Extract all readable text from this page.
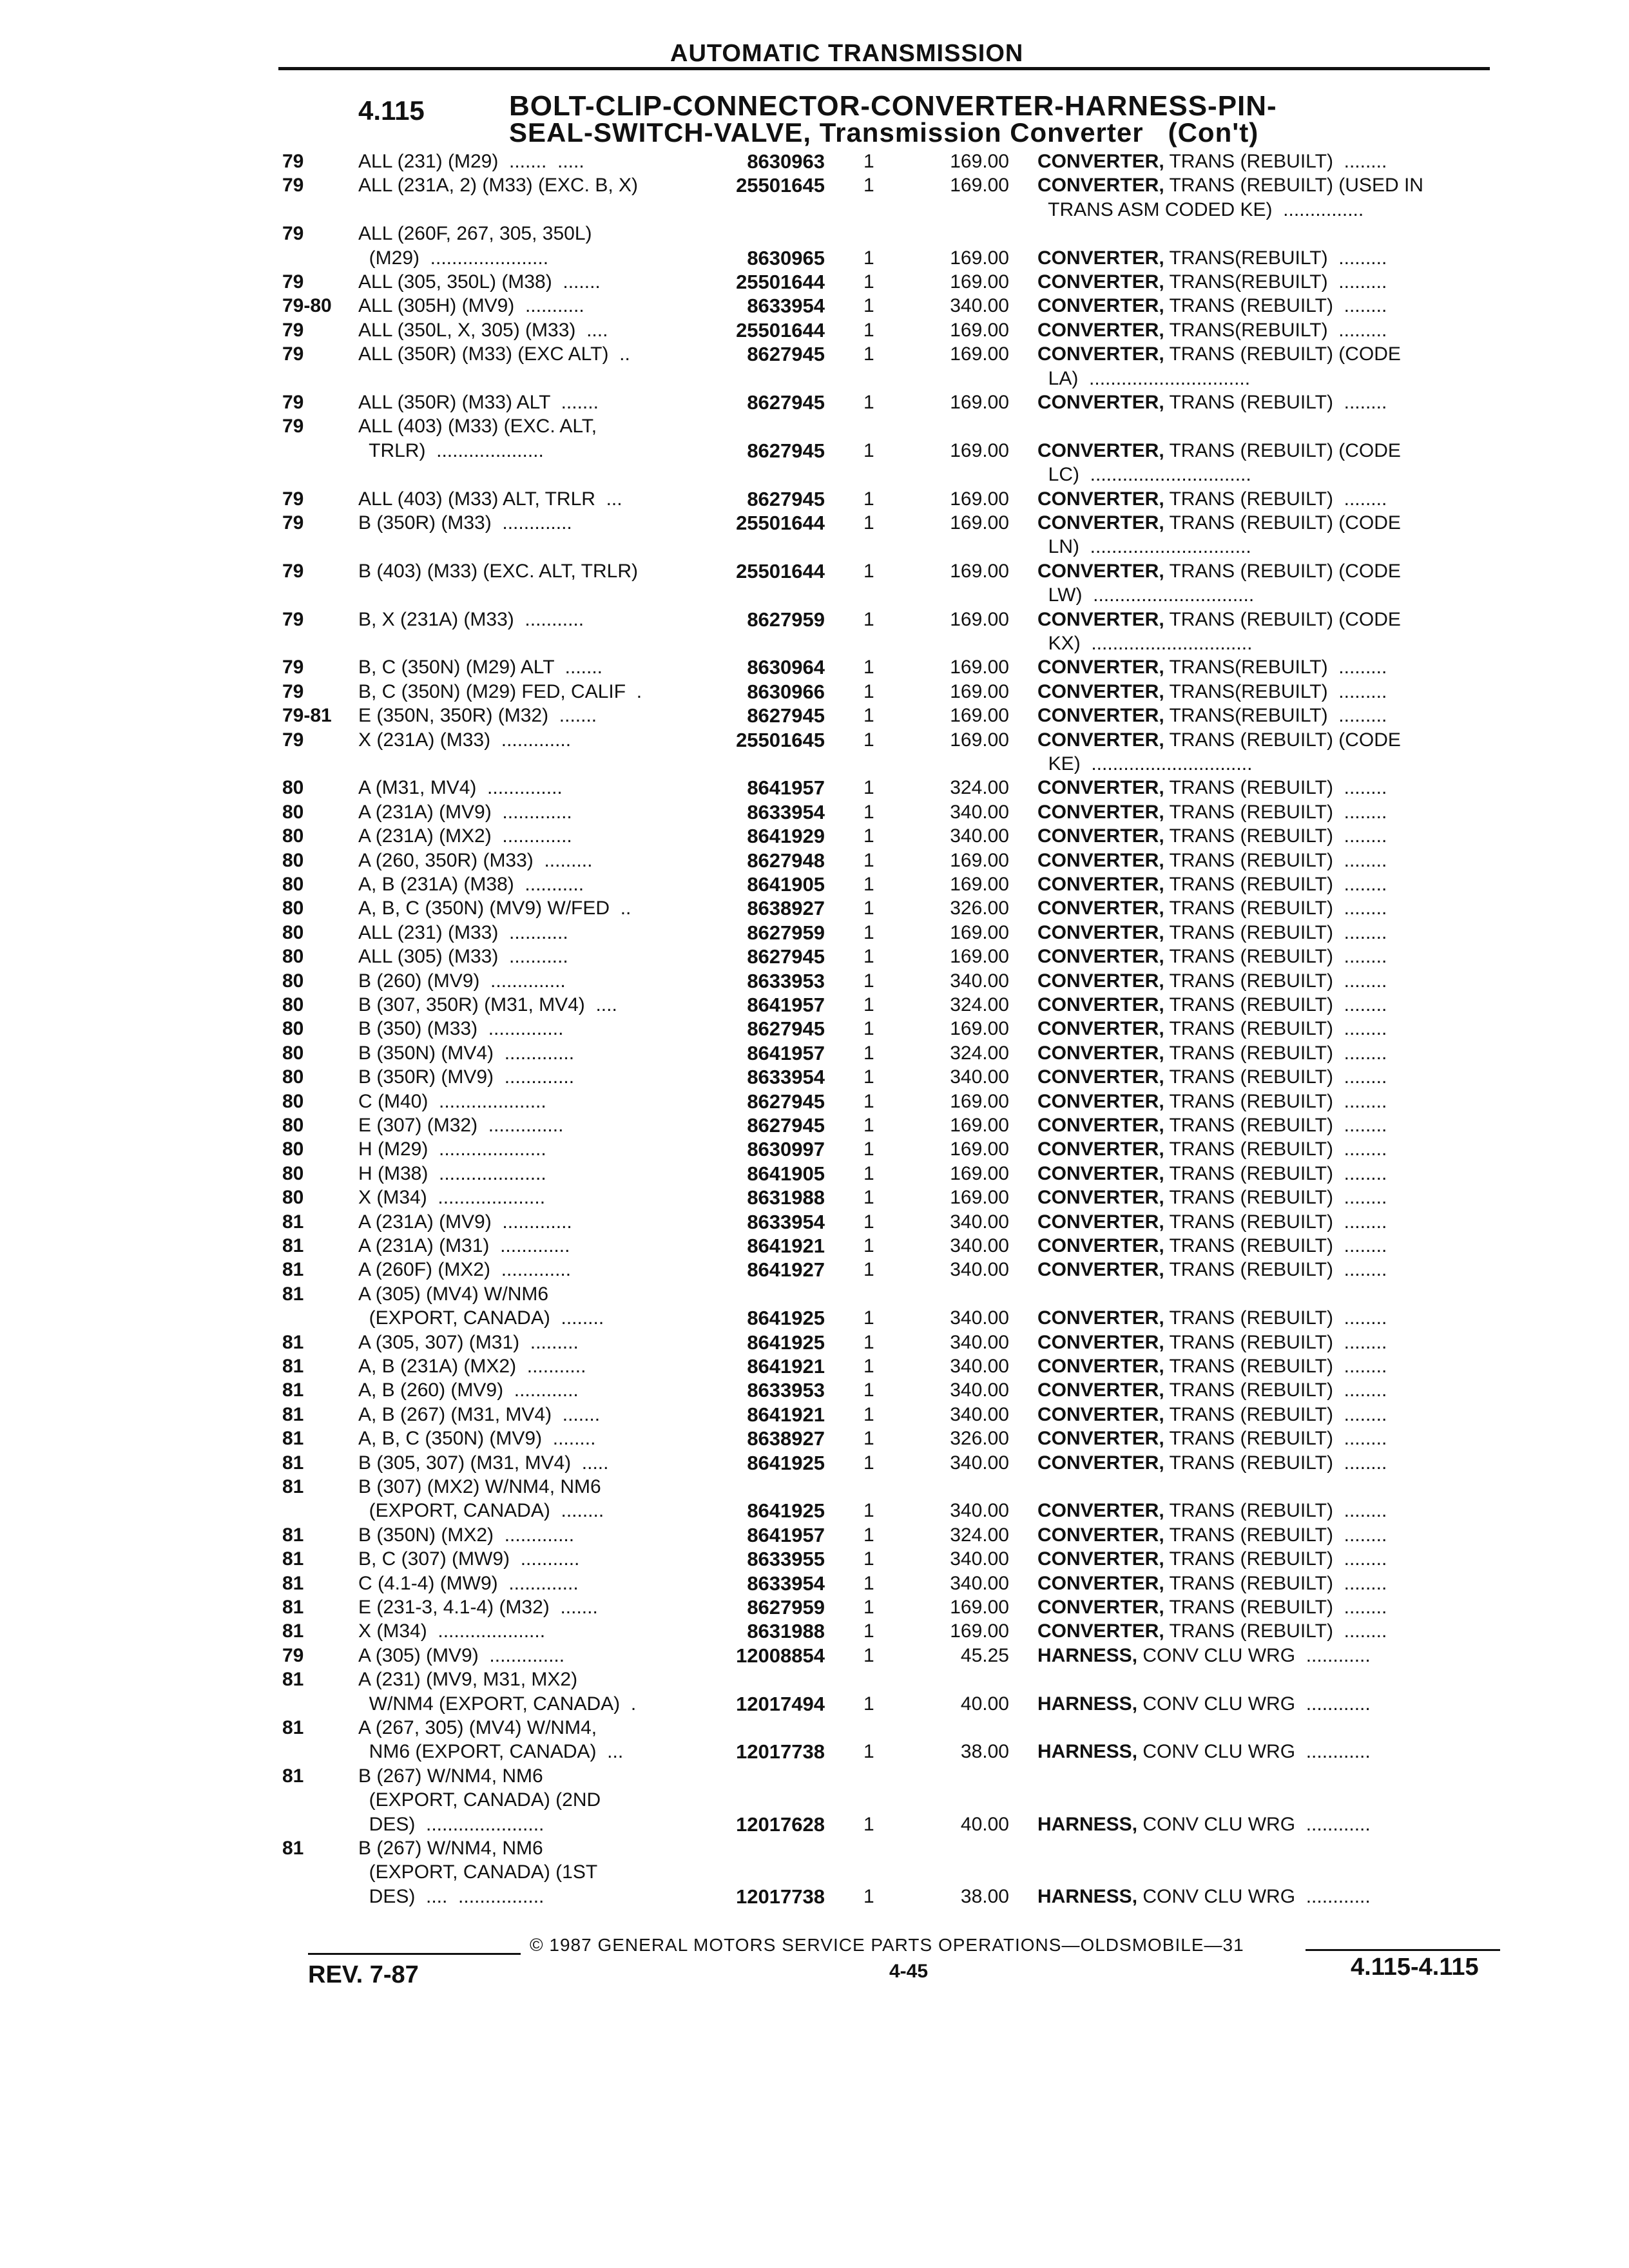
AUTOMATIC TRANSMISSION
4.115	BOLT-CLIP-CONNECTOR-CONVERTER-HARNESS-PIN-
SEAL-SWITCH-VALVE, Transmission Converter (Con't)
79	ALL (231) (M29)  .......  .....	8630963 1	169.00 CONVERTER, TRANS (REBUILT)  ........
79	ALL (231A, 2) (M33) (EXC. B, X)	25501645 1	169.00 CONVERTER, TRANS (REBUILT) (USED IN
TRANS ASM CODED KE)  ...............
79	ALL (260F, 267, 305, 350L)
(M29)  ......................	8630965 1	169.00 CONVERTER, TRANS(REBUILT)  .........
79	ALL (305, 350L) (M38)  .......	25501644 1	169.00 CONVERTER, TRANS(REBUILT)  .........
79-80 ALL (305H) (MV9)  ...........	8633954 1	340.00 CONVERTER, TRANS (REBUILT)  ........
79	ALL (350L, X, 305) (M33)  ....	25501644 1	169.00 CONVERTER, TRANS(REBUILT)  .........
79	ALL (350R) (M33) (EXC ALT)  ..	8627945 1	169.00 CONVERTER, TRANS (REBUILT) (CODE
LA)  ..............................
79	ALL (350R) (M33) ALT  .......	8627945 1	169.00 CONVERTER, TRANS (REBUILT)  ........
79	ALL (403) (M33) (EXC. ALT,
TRLR)  ....................	8627945 1	169.00 CONVERTER, TRANS (REBUILT) (CODE
LC)  ..............................
79	ALL (403) (M33) ALT, TRLR  ...	8627945 1	169.00 CONVERTER, TRANS (REBUILT)  ........
79	B (350R) (M33)  .............	25501644 1	169.00 CONVERTER, TRANS (REBUILT) (CODE
LN)  ..............................
79	B (403) (M33) (EXC. ALT, TRLR)	25501644 1	169.00 CONVERTER, TRANS (REBUILT) (CODE
LW)  ..............................
79	B, X (231A) (M33)  ...........	8627959 1	169.00 CONVERTER, TRANS (REBUILT) (CODE
KX)  ..............................
79	B, C (350N) (M29) ALT  .......	8630964 1	169.00 CONVERTER, TRANS(REBUILT)  .........
79	B, C (350N) (M29) FED, CALIF  .	8630966 1	169.00 CONVERTER, TRANS(REBUILT)  .........
79-81 E (350N, 350R) (M32)  .......	8627945 1	169.00 CONVERTER, TRANS(REBUILT)  .........
79	X (231A) (M33)  .............	25501645 1	169.00 CONVERTER, TRANS (REBUILT) (CODE
KE)  ..............................
80	A (M31, MV4)  ..............	8641957 1	324.00 CONVERTER, TRANS (REBUILT)  ........
80	A (231A) (MV9)  .............	8633954 1	340.00 CONVERTER, TRANS (REBUILT)  ........
80	A (231A) (MX2)  .............	8641929 1	340.00 CONVERTER, TRANS (REBUILT)  ........
80	A (260, 350R) (M33)  .........	8627948 1	169.00 CONVERTER, TRANS (REBUILT)  ........
80	A, B (231A) (M38)  ...........	8641905 1	169.00 CONVERTER, TRANS (REBUILT)  ........
80	A, B, C (350N) (MV9) W/FED  ..	8638927 1	326.00 CONVERTER, TRANS (REBUILT)  ........
80	ALL (231) (M33)  ...........	8627959 1	169.00 CONVERTER, TRANS (REBUILT)  ........
80	ALL (305) (M33)  ...........	8627945 1	169.00 CONVERTER, TRANS (REBUILT)  ........
80	B (260) (MV9)  ..............	8633953 1	340.00 CONVERTER, TRANS (REBUILT)  ........
80	B (307, 350R) (M31, MV4)  ....	8641957 1	324.00 CONVERTER, TRANS (REBUILT)  ........
80	B (350) (M33)  ..............	8627945 1	169.00 CONVERTER, TRANS (REBUILT)  ........
80	B (350N) (MV4)  .............	8641957 1	324.00 CONVERTER, TRANS (REBUILT)  ........
80	B (350R) (MV9)  .............	8633954 1	340.00 CONVERTER, TRANS (REBUILT)  ........
80	C (M40)  ....................	8627945 1	169.00 CONVERTER, TRANS (REBUILT)  ........
80	E (307) (M32)  ..............	8627945 1	169.00 CONVERTER, TRANS (REBUILT)  ........
80	H (M29)  ....................	8630997 1	169.00 CONVERTER, TRANS (REBUILT)  ........
80	H (M38)  ....................	8641905 1	169.00 CONVERTER, TRANS (REBUILT)  ........
80	X (M34)  ....................	8631988 1	169.00 CONVERTER, TRANS (REBUILT)  ........
81	A (231A) (MV9)  .............	8633954 1	340.00 CONVERTER, TRANS (REBUILT)  ........
81	A (231A) (M31)  .............	8641921 1	340.00 CONVERTER, TRANS (REBUILT)  ........
81	A (260F) (MX2)  .............	8641927 1	340.00 CONVERTER, TRANS (REBUILT)  ........
81	A (305) (MV4) W/NM6
(EXPORT, CANADA)  ........	8641925 1	340.00 CONVERTER, TRANS (REBUILT)  ........
81	A (305, 307) (M31)  .........	8641925 1	340.00 CONVERTER, TRANS (REBUILT)  ........
81	A, B (231A) (MX2)  ...........	8641921 1	340.00 CONVERTER, TRANS (REBUILT)  ........
81	A, B (260) (MV9)  ............	8633953 1	340.00 CONVERTER, TRANS (REBUILT)  ........
81	A, B (267) (M31, MV4)  .......	8641921 1	340.00 CONVERTER, TRANS (REBUILT)  ........
81	A, B, C (350N) (MV9)  ........	8638927 1	326.00 CONVERTER, TRANS (REBUILT)  ........
81	B (305, 307) (M31, MV4)  .....	8641925 1	340.00 CONVERTER, TRANS (REBUILT)  ........
81	B (307) (MX2) W/NM4, NM6
(EXPORT, CANADA)  ........	8641925 1	340.00 CONVERTER, TRANS (REBUILT)  ........
81	B (350N) (MX2)  .............	8641957 1	324.00 CONVERTER, TRANS (REBUILT)  ........
81	B, C (307) (MW9)  ...........	8633955 1	340.00 CONVERTER, TRANS (REBUILT)  ........
81	C (4.1-4) (MW9)  .............	8633954 1	340.00 CONVERTER, TRANS (REBUILT)  ........
81	E (231-3, 4.1-4) (M32)  .......	8627959 1	169.00 CONVERTER, TRANS (REBUILT)  ........
81	X (M34)  ....................	8631988 1	169.00 CONVERTER, TRANS (REBUILT)  ........
79	A (305) (MV9)  ..............	12008854 1	45.25 HARNESS, CONV CLU WRG  ............
81	A (231) (MV9, M31, MX2)
W/NM4 (EXPORT, CANADA)  .	12017494 1	40.00 HARNESS, CONV CLU WRG  ............
81	A (267, 305) (MV4) W/NM4,
NM6 (EXPORT, CANADA)  ...	12017738 1	38.00 HARNESS, CONV CLU WRG  ............
81	B (267) W/NM4, NM6
(EXPORT, CANADA) (2ND
DES)  ......................	12017628 1	40.00 HARNESS, CONV CLU WRG  ............
81	B (267) W/NM4, NM6
(EXPORT, CANADA) (1ST
DES)  ....  ................	12017738 1	38.00 HARNESS, CONV CLU WRG  ............
© 1987 GENERAL MOTORS SERVICE PARTS OPERATIONS—OLDSMOBILE—31
REV. 7-87	4-45	4.115-4.115
